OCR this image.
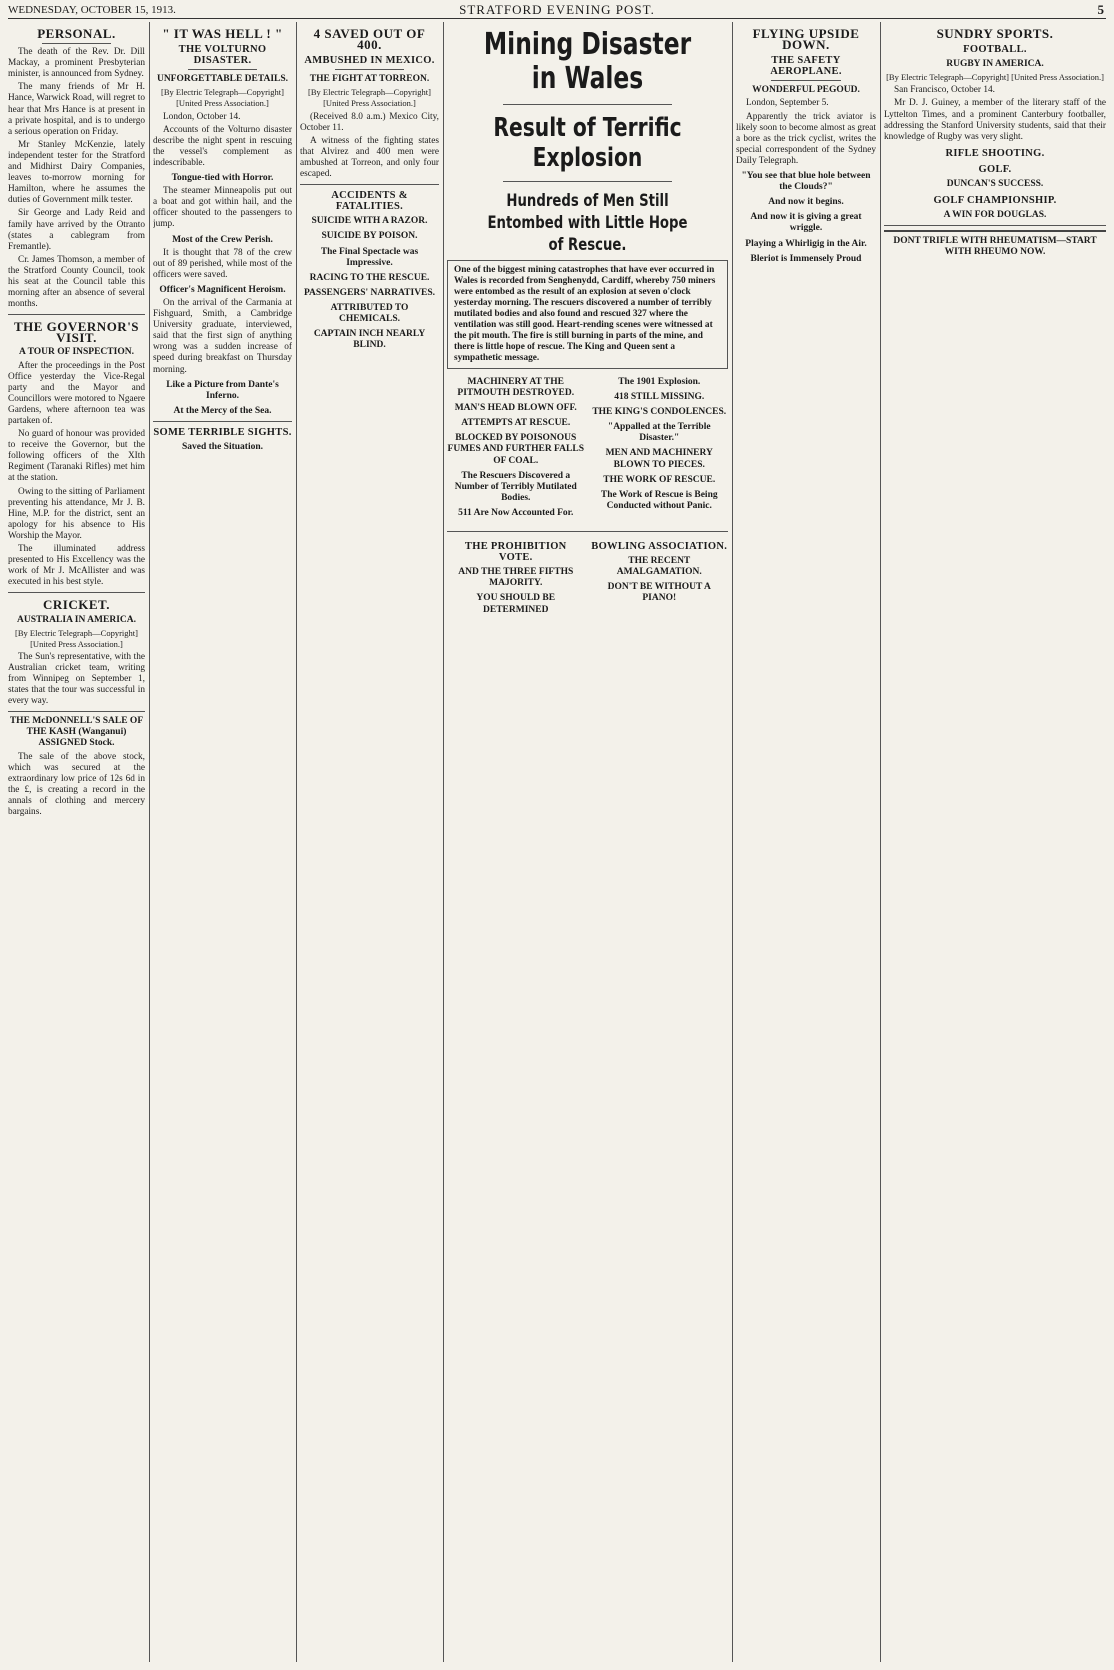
WEDNESDAY, OCTOBER 15, 1913.	STRATFORD EVENING POST.	5
PERSONAL.

The death of the Rev. Dr. Dill Mackay, a prominent Presbyterian minister, is announced from Sydney.

The many friends of Mr H. Hance, Warwick Road, will regret to hear that Mrs Hance is at present in a private hospital, and is to undergo a serious operation on Friday.

Mr Stanley McKenzie, lately independent tester for the Stratford and Midhirst Dairy Companies, leaves to-morrow morning for Hamilton, where he assumes the duties of Government milk tester.

Sir George and Lady Reid and family have arrived by the Otranto (states a cablegram from Fremantle).

Cr. James Thomson, a member of the Stratford County Council, took his seat at the Council table this morning after an absence of several months.

THE GOVERNOR'S VISIT.
A TOUR OF INSPECTION.

After the proceedings in the Post Office yesterday the Vice-Regal party and the Mayor and Councillors were motored to Ngaere Gardens, where afternoon tea was partaken of.

No guard of honour was provided to receive the Governor, but the following officers of the XIth Regiment (Taranaki Rifles) met him at the station.

Owing to the sitting of Parliament preventing his attendance, Mr J. B. Hine, M.P. for the district, sent an apology for his absence to His Worship the Mayor.

The illuminated address presented to His Excellency was the work of Mr J. McAllister and was executed in his best style.

CRICKET.
AUSTRALIA IN AMERICA.
[By Electric Telegraph—Copyright] [United Press Association.]

The Sun's representative, with the Australian cricket team, writing from Winnipeg on September 1, states that the tour was successful in every way.

THE McDONNELL'S SALE OF THE KASH (Wanganui) ASSIGNED Stock.

The sale of the above stock, which was secured at the extraordinary low price of 12s 6d in the £, is creating a record in the annals of clothing and mercery bargains.

" IT WAS HELL ! "
THE VOLTURNO DISASTER.
UNFORGETTABLE DETAILS.
[By Electric Telegraph—Copyright] [United Press Association.]

London, October 14.

Accounts of the Volturno disaster describe the night spent in rescuing the vessel's complement as indescribable.

Tongue-tied with Horror.

The steamer Minneapolis put out a boat and got within hail, and the officer shouted to the passengers to jump.

Most of the Crew Perish.

It is thought that 78 of the crew out of 89 perished, while most of the officers were saved.

Officer's Magnificent Heroism.

On the arrival of the Carmania at Fishguard, Smith, a Cambridge University graduate, interviewed, said that the first sign of anything wrong was a sudden increase of speed during breakfast on Thursday morning.

Like a Picture from Dante's Inferno.
At the Mercy of the Sea.
SOME TERRIBLE SIGHTS.
Saved the Situation.
4 SAVED OUT OF 400.
AMBUSHED IN MEXICO.
THE FIGHT AT TORREON.
[By Electric Telegraph—Copyright] [United Press Association.]

(Received 8.0 a.m.) Mexico City, October 11.

A witness of the fighting states that Alvirez and 400 men were ambushed at Torreon, and only four escaped.

ACCIDENTS & FATALITIES.
SUICIDE WITH A RAZOR.
SUICIDE BY POISON.
The Final Spectacle was Impressive.
RACING TO THE RESCUE.
PASSENGERS' NARRATIVES.
ATTRIBUTED TO CHEMICALS.
CAPTAIN INCH NEARLY BLIND.
Mining Disaster in Wales
Result of Terrific Explosion
Hundreds of Men Still Entombed with Little Hope of Rescue.
One of the biggest mining catastrophes that have ever occurred in Wales is recorded from Senghenydd, Cardiff, whereby 750 miners were entombed as the result of an explosion at seven o'clock yesterday morning. The rescuers discovered a number of terribly mutilated bodies and also found and rescued 327 where the ventilation was still good. Heart-rending scenes were witnessed at the pit mouth. The fire is still burning in parts of the mine, and there is little hope of rescue. The King and Queen sent a sympathetic message.
MACHINERY AT THE PITMOUTH DESTROYED.
MAN'S HEAD BLOWN OFF.
ATTEMPTS AT RESCUE.
BLOCKED BY POISONOUS FUMES AND FURTHER FALLS OF COAL.
The Rescuers Discovered a Number of Terribly Mutilated Bodies.
511 Are Now Accounted For.
The 1901 Explosion.
418 STILL MISSING.
THE KING'S CONDOLENCES.
"Appalled at the Terrible Disaster."
MEN AND MACHINERY BLOWN TO PIECES.
THE WORK OF RESCUE.
The Work of Rescue is Being Conducted without Panic.
THE PROHIBITION VOTE.
AND THE THREE FIFTHS MAJORITY.
YOU SHOULD BE DETERMINED
BOWLING ASSOCIATION.
THE RECENT AMALGAMATION.
DON'T BE WITHOUT A PIANO!
FLYING UPSIDE DOWN.
THE SAFETY AEROPLANE.
WONDERFUL PEGOUD.

London, September 5.

Apparently the trick aviator is likely soon to become almost as great a bore as the trick cyclist, writes the special correspondent of the Sydney Daily Telegraph.

"You see that blue hole between the Clouds?"
And now it begins.
And now it is giving a great wriggle.
Playing a Whirligig in the Air.
Bleriot is Immensely Proud
SUNDRY SPORTS.
FOOTBALL.
RUGBY IN AMERICA.
[By Electric Telegraph—Copyright] [United Press Association.]

San Francisco, October 14.

Mr D. J. Guiney, a member of the literary staff of the Lyttelton Times, and a prominent Canterbury footballer, addressing the Stanford University students, said that their knowledge of Rugby was very slight.

RIFLE SHOOTING.
GOLF.
DUNCAN'S SUCCESS.
GOLF CHAMPIONSHIP.
A WIN FOR DOUGLAS.
DONT TRIFLE WITH RHEUMATISM—START WITH RHEUMO NOW.
